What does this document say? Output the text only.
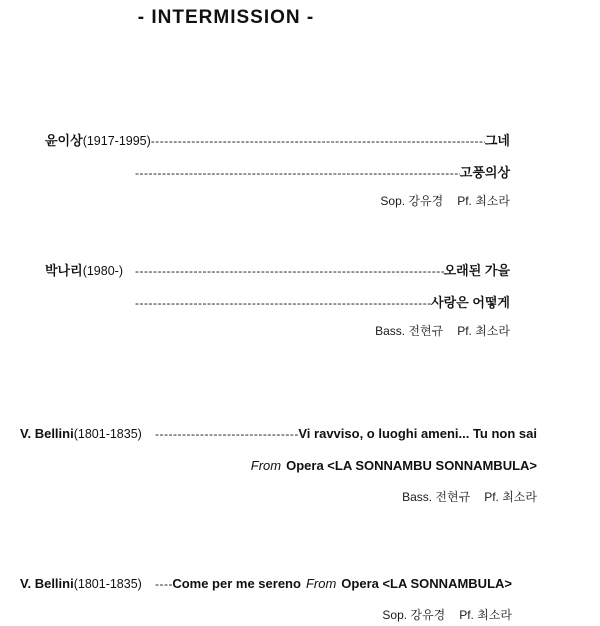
- INTERMISSION -
윤이상(1917-1995) -----	그네
-----
고풍의상
Sop. 강유경 Pf. 최소라
박나리(1980-) -----	오래된 가을
-----
사랑은 어떻게
Bass. 전현규 Pf. 최소라
V. Bellini(1801-1835) -----	Vi ravviso, o luoghi ameni... Tu non sai
From Opera <LA SONNAMBU SONNAMBULA>
Bass. 전현규 Pf. 최소라
V. Bellini(1801-1835) -----	Come per me sereno From Opera <LA SONNAMBULA>
Sop. 강유경 Pf. 최소라
